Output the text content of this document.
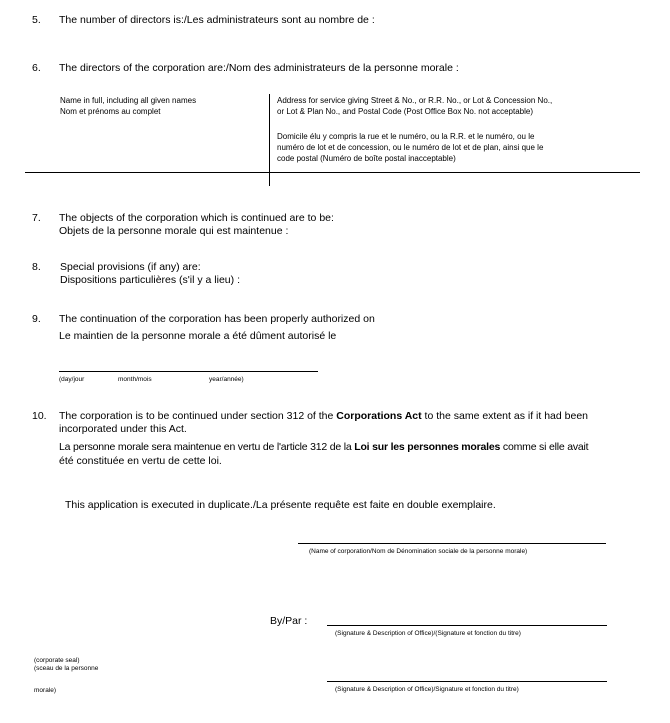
5. The number of directors is:/Les administrateurs sont au nombre de :
6. The directors of the corporation are:/Nom des administrateurs de la personne morale :
Name in full, including all given names
Nom et prénoms au complet
Address for service giving Street & No., or R.R. No., or Lot & Concession No.,
or Lot & Plan No., and Postal Code (Post Office Box No. not acceptable)
Domicile élu y compris la rue et le numéro, ou la R.R. et le numéro, ou le
numéro de lot et de concession, ou le numéro de lot et de plan, ainsi que le
code postal (Numéro de boîte postal inacceptable)
7. The objects of the corporation which is continued are to be:
Objets de la personne morale qui est maintenue :
8. Special provisions (if any) are:
Dispositions particulières (s'il y a lieu) :
9. The continuation of the corporation has been properly authorized on
Le maintien de la personne morale a été dûment autorisé le
(day/jour	month/mois	year/année)
10. The corporation is to be continued under section 312 of the Corporations Act to the same extent as if it had been
incorporated under this Act.
La personne morale sera maintenue en vertu de l'article 312 de la Loi sur les personnes morales comme si elle avait
été constituée en vertu de cette loi.
This application is executed in duplicate./La présente requête est faite en double exemplaire.
(Name of corporation/Nom de Dénomination sociale de la personne morale)
By/Par :
(Signature & Description of Office)/(Signature et fonction du titre)
(corporate seal)
(sceau de la personne
morale)	(Signature & Description of Office)/Signature et fonction du titre)
